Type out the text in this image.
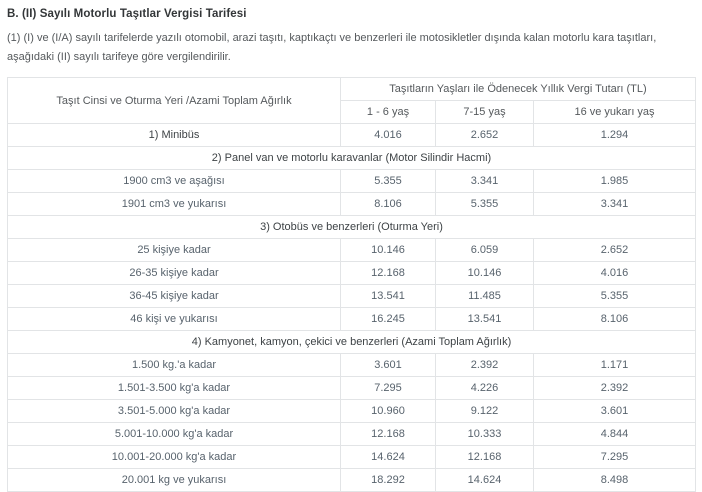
B. (II) Sayılı Motorlu Taşıtlar Vergisi Tarifesi
(1) (I) ve (I/A) sayılı tarifelerde yazılı otomobil, arazi taşıtı, kaptıkaçtı ve benzerleri ile motosikletler dışında kalan motorlu kara taşıtları, aşağıdaki (II) sayılı tarifeye göre vergilendirilir.
Taşıt Cinsi ve Oturma Yeri /Azami Toplam Ağırlık	Taşıtların Yaşları ile Ödenecek Yıllık Vergi Tutarı (TL)		
	1 - 6 yaş	7-15 yaş	16 ve yukarı yaş
1) Minibüs	4.016	2.652	1.294
2) Panel van ve motorlu karavanlar (Motor Silindir Hacmi)			
1900 cm3 ve aşağısı	5.355	3.341	1.985
1901 cm3 ve yukarısı	8.106	5.355	3.341
3) Otobüs ve benzerleri (Oturma Yeri)			
25 kişiye kadar	10.146	6.059	2.652
26-35 kişiye kadar	12.168	10.146	4.016
36-45 kişiye kadar	13.541	11.485	5.355
46 kişi ve yukarısı	16.245	13.541	8.106
4) Kamyonet, kamyon, çekici ve benzerleri (Azami Toplam Ağırlık)			
1.500 kg.'a kadar	3.601	2.392	1.171
1.501-3.500 kg'a kadar	7.295	4.226	2.392
3.501-5.000 kg'a kadar	10.960	9.122	3.601
5.001-10.000 kg'a kadar	12.168	10.333	4.844
10.001-20.000 kg'a kadar	14.624	12.168	7.295
20.001 kg ve yukarısı	18.292	14.624	8.498
